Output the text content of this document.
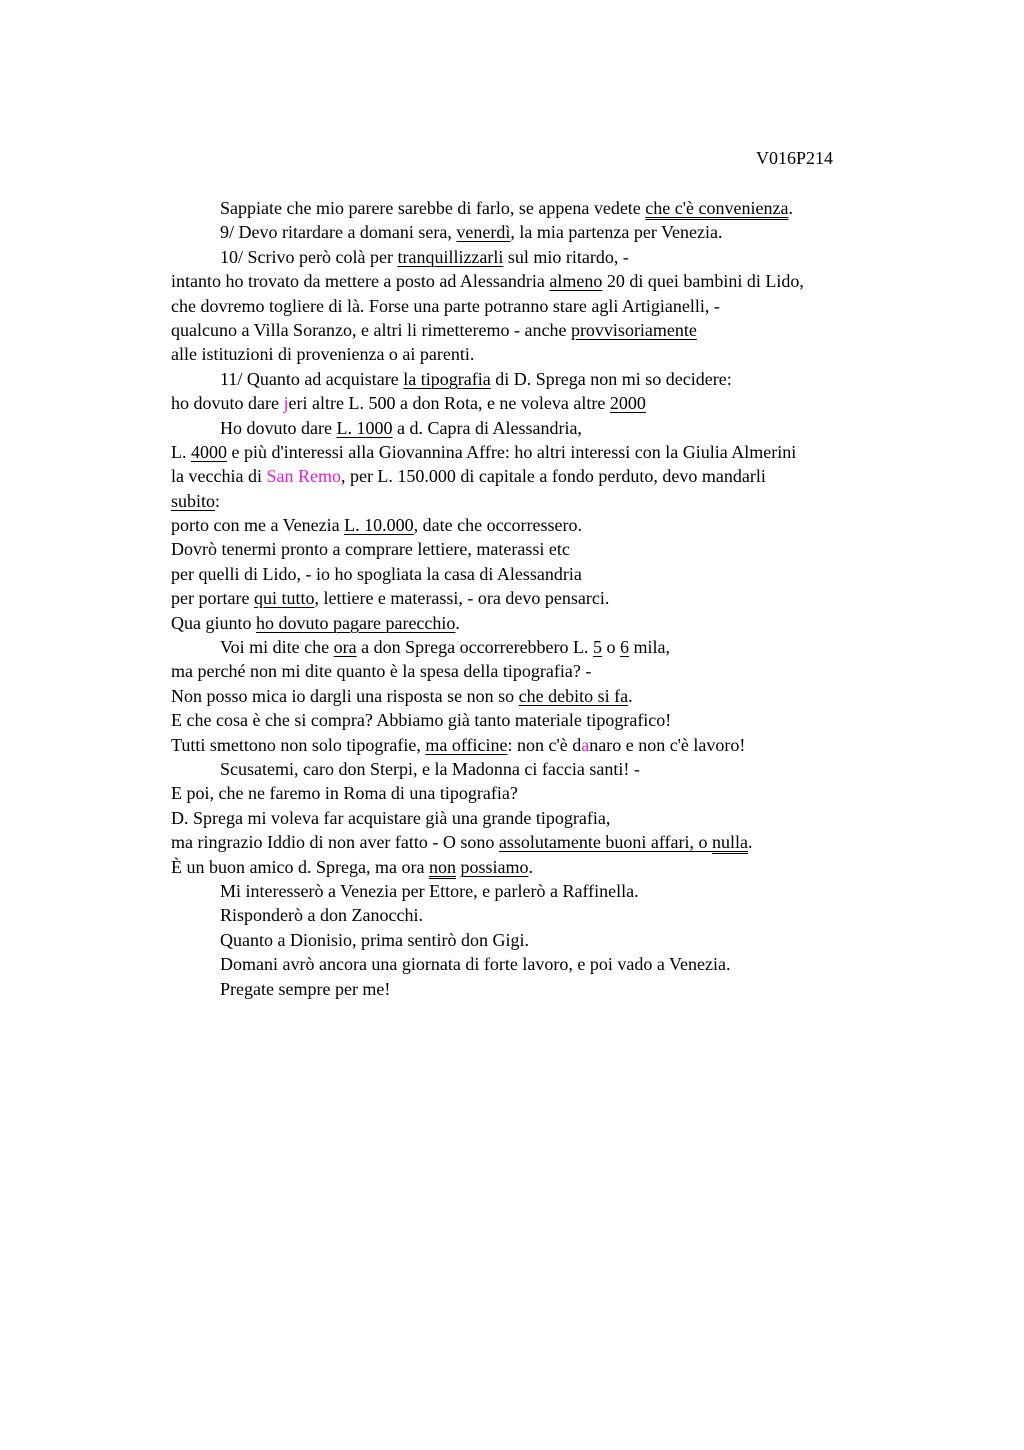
V016P214
Sappiate che mio parere sarebbe di farlo, se appena vedete che c'è convenienza.
9/ Devo ritardare a domani sera, venerdì, la mia partenza per Venezia.
10/ Scrivo però colà per tranquillizzarli sul mio ritardo, -
intanto ho trovato da mettere a posto ad Alessandria almeno 20 di quei bambini di Lido,
che dovremo togliere di là. Forse una parte potranno stare agli Artigianelli, -
qualcuno a Villa Soranzo, e altri li rimetteremo - anche provvisoriamente
alle istituzioni di provenienza o ai parenti.
11/ Quanto ad acquistare la tipografia di D. Sprega non mi so decidere:
ho dovuto dare jeri altre L. 500 a don Rota, e ne voleva altre 2000
Ho dovuto dare L. 1000 a d. Capra di Alessandria,
L. 4000 e più d'interessi alla Giovannina Affre: ho altri interessi con la Giulia Almerini
la vecchia di San Remo, per L. 150.000 di capitale a fondo perduto, devo mandarli
subito:
porto con me a Venezia L. 10.000, date che occorressero.
Dovrò tenermi pronto a comprare lettiere, materassi etc
per quelli di Lido, - io ho spogliata la casa di Alessandria
per portare qui tutto, lettiere e materassi, - ora devo pensarci.
Qua giunto ho dovuto pagare parecchio.
Voi mi dite che ora a don Sprega occorrerebbero L. 5 o 6 mila,
ma perché non mi dite quanto è la spesa della tipografia? -
Non posso mica io dargli una risposta se non so che debito si fa.
E che cosa è che si compra? Abbiamo già tanto materiale tipografico!
Tutti smettono non solo tipografie, ma officine: non c'è danaro e non c'è lavoro!
Scusatemi, caro don Sterpi, e la Madonna ci faccia santi! -
E poi, che ne faremo in Roma di una tipografia?
D. Sprega mi voleva far acquistare già una grande tipografia,
ma ringrazio Iddio di non aver fatto - O sono assolutamente buoni affari, o nulla.
È un buon amico d. Sprega, ma ora non possiamo.
Mi interesserò a Venezia per Ettore, e parlerò a Raffinella.
Risponderò a don Zanocchi.
Quanto a Dionisio, prima sentirò don Gigi.
Domani avrò ancora una giornata di forte lavoro, e poi vado a Venezia.
Pregate sempre per me!
